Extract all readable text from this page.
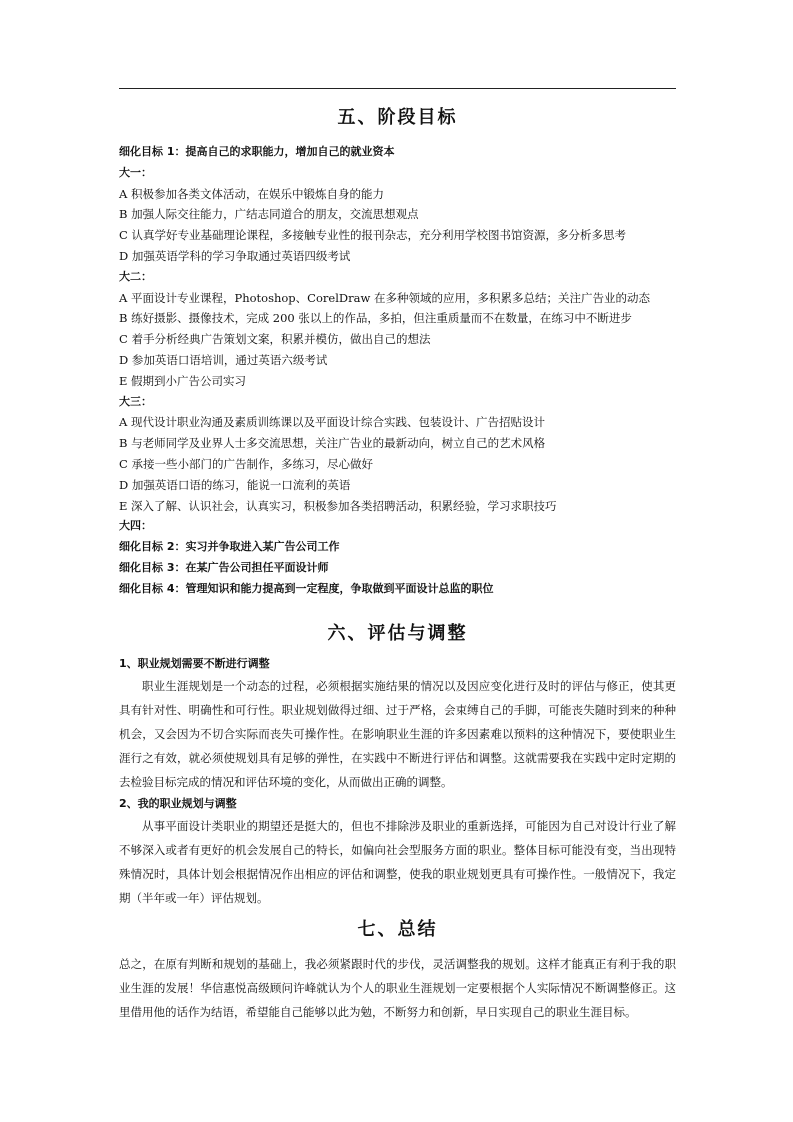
五、阶段目标

细化目标 1：提高自己的求职能力，增加自己的就业资本

大一：

A 积极参加各类文体活动，在娱乐中锻炼自身的能力

B 加强人际交往能力，广结志同道合的朋友，交流思想观点

C 认真学好专业基础理论课程，多接触专业性的报刊杂志，充分利用学校图书馆资源，多分析多思考

D 加强英语学科的学习争取通过英语四级考试

大二：

A 平面设计专业课程，Photoshop、CorelDraw 在多种领域的应用，多积累多总结；关注广告业的动态

B 练好摄影、摄像技术，完成 200 张以上的作品，多拍，但注重质量而不在数量，在练习中不断进步

C 着手分析经典广告策划文案，积累并模仿，做出自己的想法

D 参加英语口语培训，通过英语六级考试

E 假期到小广告公司实习

大三：

A 现代设计职业沟通及素质训练课以及平面设计综合实践、包装设计、广告招贴设计

B 与老师同学及业界人士多交流思想，关注广告业的最新动向，树立自己的艺术风格

C 承接一些小部门的广告制作，多练习，尽心做好

D 加强英语口语的练习，能说一口流利的英语

E 深入了解、认识社会，认真实习，积极参加各类招聘活动，积累经验，学习求职技巧

大四：

细化目标 2：实习并争取进入某广告公司工作

细化目标 3：在某广告公司担任平面设计师

细化目标 4：管理知识和能力提高到一定程度，争取做到平面设计总监的职位

六、评估与调整

1、职业规划需要不断进行调整

职业生涯规划是一个动态的过程，必须根据实施结果的情况以及因应变化进行及时的评估与修正，使其更具有针对性、明确性和可行性。职业规划做得过细、过于严格，会束缚自己的手脚，可能丧失随时到来的种种机会，又会因为不切合实际而丧失可操作性。在影响职业生涯的许多因素难以预料的这种情况下，要使职业生涯行之有效，就必须使规划具有足够的弹性，在实践中不断进行评估和调整。这就需要我在实践中定时定期的去检验目标完成的情况和评估环境的变化，从而做出正确的调整。

2、我的职业规划与调整

从事平面设计类职业的期望还是挺大的，但也不排除涉及职业的重新选择，可能因为自己对设计行业了解不够深入或者有更好的机会发展自己的特长，如偏向社会型服务方面的职业。整体目标可能没有变，当出现特殊情况时，具体计划会根据情况作出相应的评估和调整，使我的职业规划更具有可操作性。一般情况下，我定期（半年或一年）评估规划。

七、总结

总之，在原有判断和规划的基础上，我必须紧跟时代的步伐，灵活调整我的规划。这样才能真正有利于我的职业生涯的发展！华信惠悦高级顾问许峰就认为个人的职业生涯规划一定要根据个人实际情况不断调整修正。这里借用他的话作为结语，希望能自己能够以此为勉，不断努力和创新，早日实现自己的职业生涯目标。
